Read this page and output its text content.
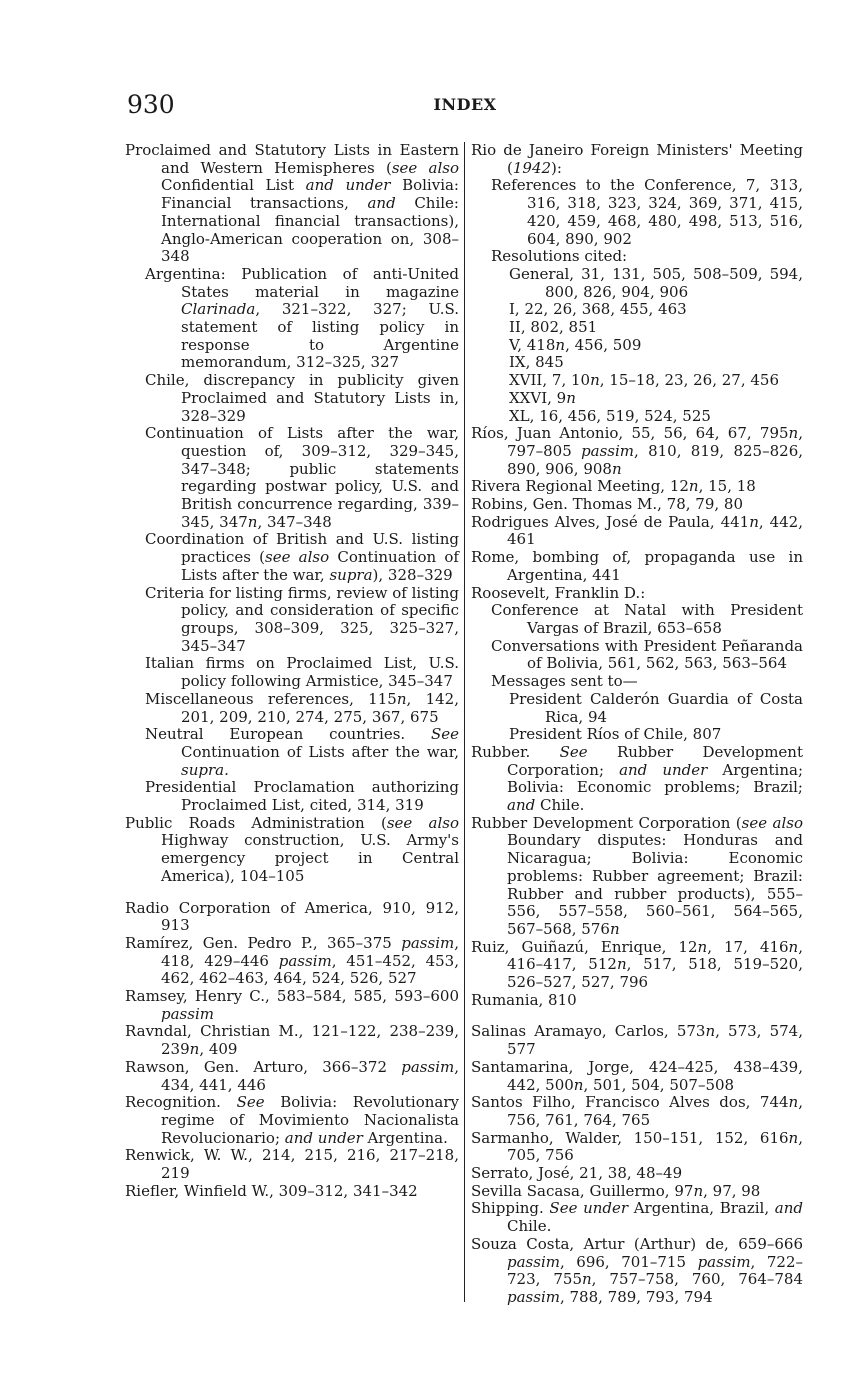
930	INDEX
Proclaimed and Statutory Lists in Eastern and Western Hemispheres (see also Confidential List and under Bolivia: Financial transactions, and Chile: International financial transactions), Anglo-American cooperation on, 308–348
Argentina: Publication of anti-United States material in magazine Clarinada, 321–322, 327; U.S. statement of listing policy in response to Argentine memorandum, 312–325, 327
Chile, discrepancy in publicity given Proclaimed and Statutory Lists in, 328–329
Continuation of Lists after the war, question of, 309–312, 329–345, 347–348; public statements regarding postwar policy, U.S. and British concurrence regarding, 339–345, 347n, 347–348
Coordination of British and U.S. listing practices (see also Continuation of Lists after the war, supra), 328–329
Criteria for listing firms, review of listing policy, and consideration of specific groups, 308–309, 325, 325–327, 345–347
Italian firms on Proclaimed List, U.S. policy following Armistice, 345–347
Miscellaneous references, 115n, 142, 201, 209, 210, 274, 275, 367, 675
Neutral European countries. See Continuation of Lists after the war, supra.
Presidential Proclamation authorizing Proclaimed List, cited, 314, 319
Public Roads Administration (see also Highway construction, U.S. Army's emergency project in Central America), 104–105
Radio Corporation of America, 910, 912, 913
Ramírez, Gen. Pedro P., 365–375 passim, 418, 429–446 passim, 451–452, 453, 462, 462–463, 464, 524, 526, 527
Ramsey, Henry C., 583–584, 585, 593–600 passim
Ravndal, Christian M., 121–122, 238–239, 239n, 409
Rawson, Gen. Arturo, 366–372 passim, 434, 441, 446
Recognition. See Bolivia: Revolutionary regime of Movimiento Nacionalista Revolucionario; and under Argentina.
Renwick, W. W., 214, 215, 216, 217–218, 219
Riefler, Winfield W., 309–312, 341–342
Rio de Janeiro Foreign Ministers' Meeting (1942):
References to the Conference, 7, 313, 316, 318, 323, 324, 369, 371, 415, 420, 459, 468, 480, 498, 513, 516, 604, 890, 902
Resolutions cited:
General, 31, 131, 505, 508–509, 594, 800, 826, 904, 906
I, 22, 26, 368, 455, 463
II, 802, 851
V, 418n, 456, 509
IX, 845
XVII, 7, 10n, 15–18, 23, 26, 27, 456
XXVI, 9n
XL, 16, 456, 519, 524, 525
Ríos, Juan Antonio, 55, 56, 64, 67, 795n, 797–805 passim, 810, 819, 825–826, 890, 906, 908n
Rivera Regional Meeting, 12n, 15, 18
Robins, Gen. Thomas M., 78, 79, 80
Rodrigues Alves, José de Paula, 441n, 442, 461
Rome, bombing of, propaganda use in Argentina, 441
Roosevelt, Franklin D.:
Conference at Natal with President Vargas of Brazil, 653–658
Conversations with President Peñaranda of Bolivia, 561, 562, 563, 563–564
Messages sent to—
President Calderón Guardia of Costa Rica, 94
President Ríos of Chile, 807
Rubber. See Rubber Development Corporation; and under Argentina; Bolivia: Economic problems; Brazil; and Chile.
Rubber Development Corporation (see also Boundary disputes: Honduras and Nicaragua; Bolivia: Economic problems: Rubber agreement; Brazil: Rubber and rubber products), 555–556, 557–558, 560–561, 564–565, 567–568, 576n
Ruiz, Guiñazú, Enrique, 12n, 17, 416n, 416–417, 512n, 517, 518, 519–520, 526–527, 527, 796
Rumania, 810
Salinas Aramayo, Carlos, 573n, 573, 574, 577
Santamarina, Jorge, 424–425, 438–439, 442, 500n, 501, 504, 507–508
Santos Filho, Francisco Alves dos, 744n, 756, 761, 764, 765
Sarmanho, Walder, 150–151, 152, 616n, 705, 756
Serrato, José, 21, 38, 48–49
Sevilla Sacasa, Guillermo, 97n, 97, 98
Shipping. See under Argentina, Brazil, and Chile.
Souza Costa, Artur (Arthur) de, 659–666 passim, 696, 701–715 passim, 722–723, 755n, 757–758, 760, 764–784 passim, 788, 789, 793, 794
